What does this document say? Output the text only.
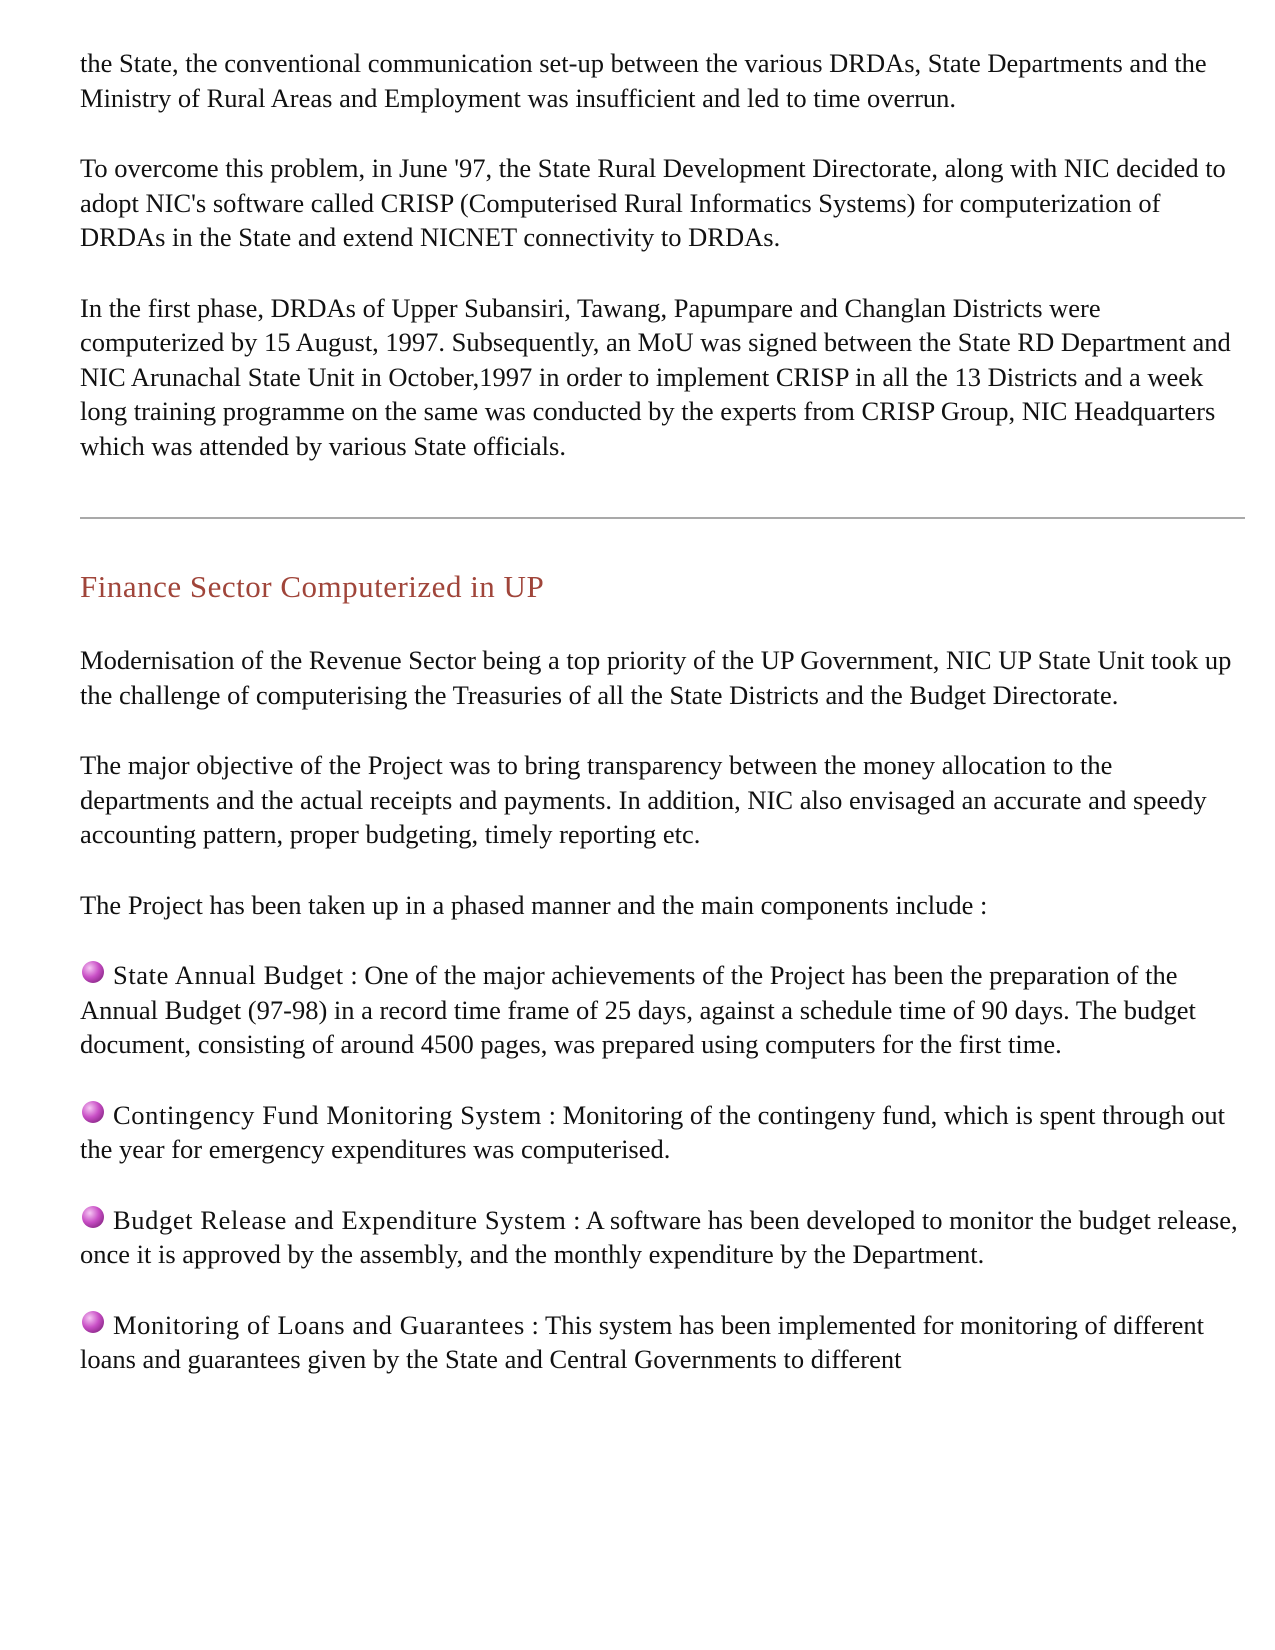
the State, the conventional communication set-up between the various DRDAs, State Departments and the Ministry of Rural Areas and Employment was insufficient and led to time overrun.

To overcome this problem, in June '97, the State Rural Development Directorate, along with NIC decided to adopt NIC's software called CRISP (Computerised Rural Informatics Systems) for computerization of DRDAs in the State and extend NICNET connectivity to DRDAs.

In the first phase, DRDAs of Upper Subansiri, Tawang, Papumpare and Changlan Districts were computerized by 15 August, 1997. Subsequently, an MoU was signed between the State RD Department and NIC Arunachal State Unit in October,1997 in order to implement CRISP in all the 13 Districts and a week long training programme on the same was conducted by the experts from CRISP Group, NIC Headquarters which was attended by various State officials.

Finance Sector Computerized in UP

Modernisation of the Revenue Sector being a top priority of the UP Government, NIC UP State Unit took up the challenge of computerising the Treasuries of all the State Districts and the Budget Directorate.

The major objective of the Project was to bring transparency between the money allocation to the departments and the actual receipts and payments. In addition, NIC also envisaged an accurate and speedy accounting pattern, proper budgeting, timely reporting etc.

The Project has been taken up in a phased manner and the main components include :

State Annual Budget : One of the major achievements of the Project has been the preparation of the Annual Budget (97-98) in a record time frame of 25 days, against a schedule time of 90 days. The budget document, consisting of around 4500 pages, was prepared using computers for the first time.

Contingency Fund Monitoring System : Monitoring of the contingeny fund, which is spent through out the year for emergency expenditures was computerised.

Budget Release and Expenditure System : A software has been developed to monitor the budget release, once it is approved by the assembly, and the monthly expenditure by the Department.

Monitoring of Loans and Guarantees : This system has been implemented for monitoring of different loans and guarantees given by the State and Central Governments to different
